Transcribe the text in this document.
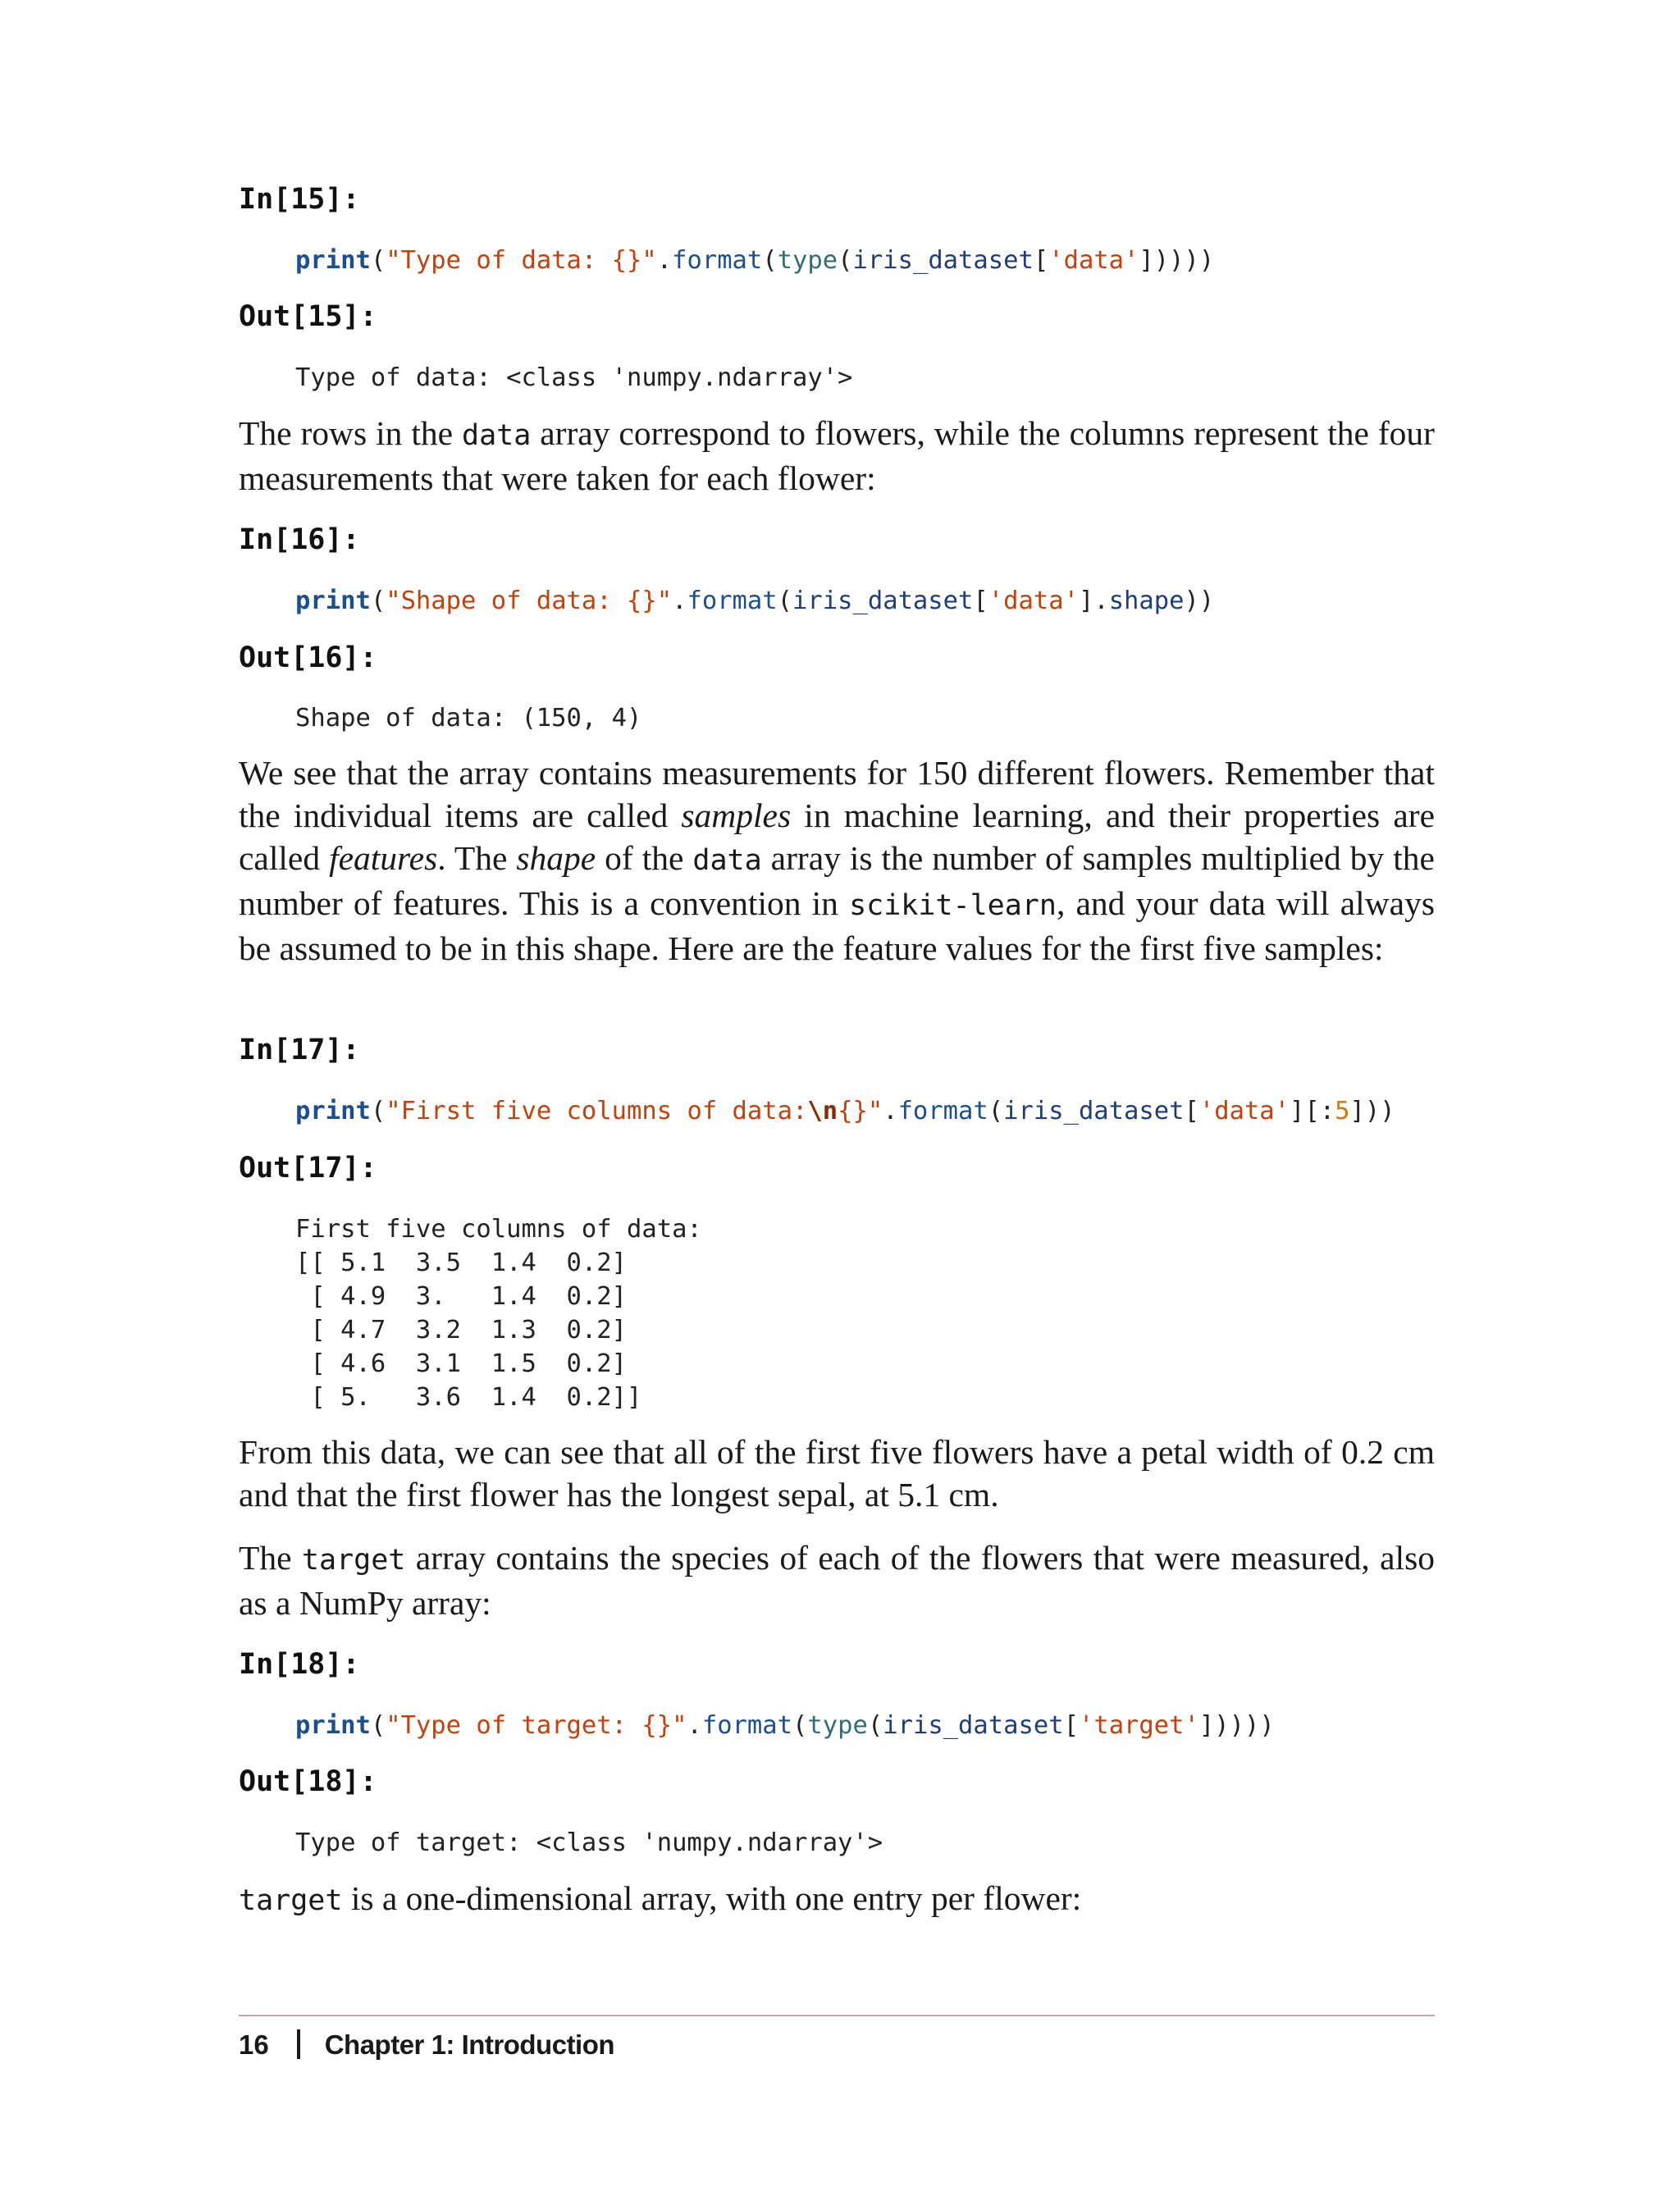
In[15]:
print("Type of data: {}".format(type(iris_dataset['data']))))
Out[15]:
Type of data: <class 'numpy.ndarray'>

The rows in the data array correspond to flowers, while the columns represent the four measurements that were taken for each flower:

In[16]:
print("Shape of data: {}".format(iris_dataset['data'].shape))
Out[16]:
Shape of data: (150, 4)

We see that the array contains measurements for 150 different flowers. Remember that the individual items are called samples in machine learning, and their properties are called features. The shape of the data array is the number of samples multiplied by the number of features. This is a convention in scikit-learn, and your data will always be assumed to be in this shape. Here are the feature values for the first five samples:

In[17]:
print("First five columns of data:\n{}".format(iris_dataset['data'][:5]))
Out[17]:
First five columns of data:
[[ 5.1  3.5  1.4  0.2]
[ 4.9  3.   1.4  0.2]
[ 4.7  3.2  1.3  0.2]
[ 4.6  3.1  1.5  0.2]
[ 5.   3.6  1.4  0.2]]

From this data, we can see that all of the first five flowers have a petal width of 0.2 cm and that the first flower has the longest sepal, at 5.1 cm.

The target array contains the species of each of the flowers that were measured, also as a NumPy array:

In[18]:
print("Type of target: {}".format(type(iris_dataset['target']))))
Out[18]:
Type of target: <class 'numpy.ndarray'>

target is a one-dimensional array, with one entry per flower:

16 Chapter 1: Introduction
